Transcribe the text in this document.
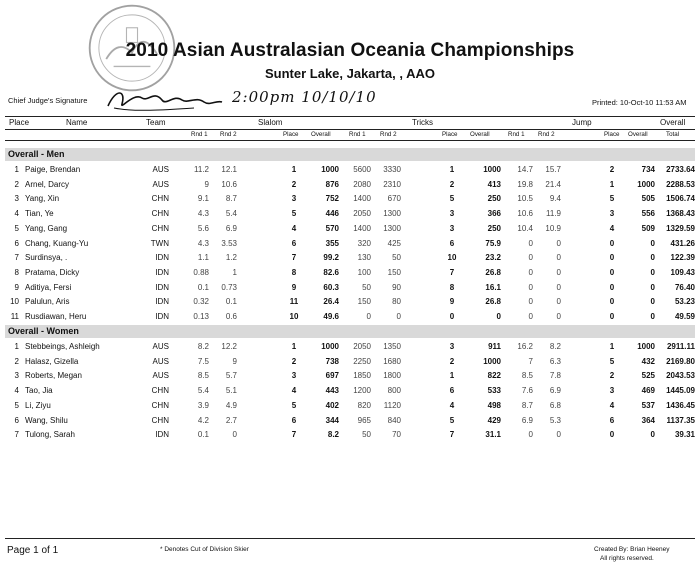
2010 Asian Australasian Oceania Championships
Sunter Lake, Jakarta, , AAO
Chief Judge's Signature	2:00pm 10/10/10	Printed: 10-Oct-10 11:53 AM
Place	Name	Team	Slalom	Tricks	Jump	Overall
Rnd 1 Rnd 2	Place Overall	Rnd 1 Rnd 2	Place Overall	Rnd 1 Rnd 2	Place Overall	Total
Overall - Men
1 Paige, Brendan	AUS	11.2	12.1	1	1000	5600	3330	1	1000	14.7	15.7	2	734	2733.64
2 Arnel, Darcy	AUS	9	10.6	2	876	2080	2310	2	413	19.8	21.4	1	1000	2288.53
3 Yang, Xin	CHN	9.1	8.7	3	752	1400	670	5	250	10.5	9.4	5	505	1506.74
4 Tian, Ye	CHN	4.3	5.4	5	446	2050	1300	3	366	10.6	11.9	3	556	1368.43
5 Yang, Gang	CHN	5.6	6.9	4	570	1400	1300	3	250	10.4	10.9	4	509	1329.59
6 Chang, Kuang-Yu	TWN	4.3	3.53	6	355	320	425	6	75.9	0	0	0	0	431.26
7 Surdinsya, .	IDN	1.1	1.2	7	99.2	130	50	10	23.2	0	0	0	0	122.39
8 Pratama, Dicky	IDN	0.88	1	8	82.6	100	150	7	26.8	0	0	0	0	109.43
9 Aditiya, Fersi	IDN	0.1	0.73	9	60.3	50	90	8	16.1	0	0	0	0	76.40
10 Palulun, Aris	IDN	0.32	0.1	11	26.4	150	80	9	26.8	0	0	0	0	53.23
11 Rusdiawan, Heru	IDN	0.13	0.6	10	49.6	0	0	0	0	0	0	0	0	49.59
Overall - Women
1 Stebbeings, Ashleigh	AUS	8.2	12.2	1	1000	2050	1350	3	911	16.2	8.2	1	1000	2911.11
2 Halasz, Gizella	AUS	7.5	9	2	738	2250	1680	2	1000	7	6.3	5	432	2169.80
3 Roberts, Megan	AUS	8.5	5.7	3	697	1850	1800	1	822	8.5	7.8	2	525	2043.53
4 Tao, Jia	CHN	5.4	5.1	4	443	1200	800	6	533	7.6	6.9	3	469	1445.09
5 Li, Ziyu	CHN	3.9	4.9	5	402	820	1120	4	498	8.7	6.8	4	537	1436.45
6 Wang, Shilu	CHN	4.2	2.7	6	344	965	840	5	429	6.9	5.3	6	364	1137.35
7 Tulong, Sarah	IDN	0.1	0	7	8.2	50	70	7	31.1	0	0	0	0	39.31
Page 1 of 1	* Denotes Cut of Division Skier	Created By: Brian Heeney
All rights reserved.
